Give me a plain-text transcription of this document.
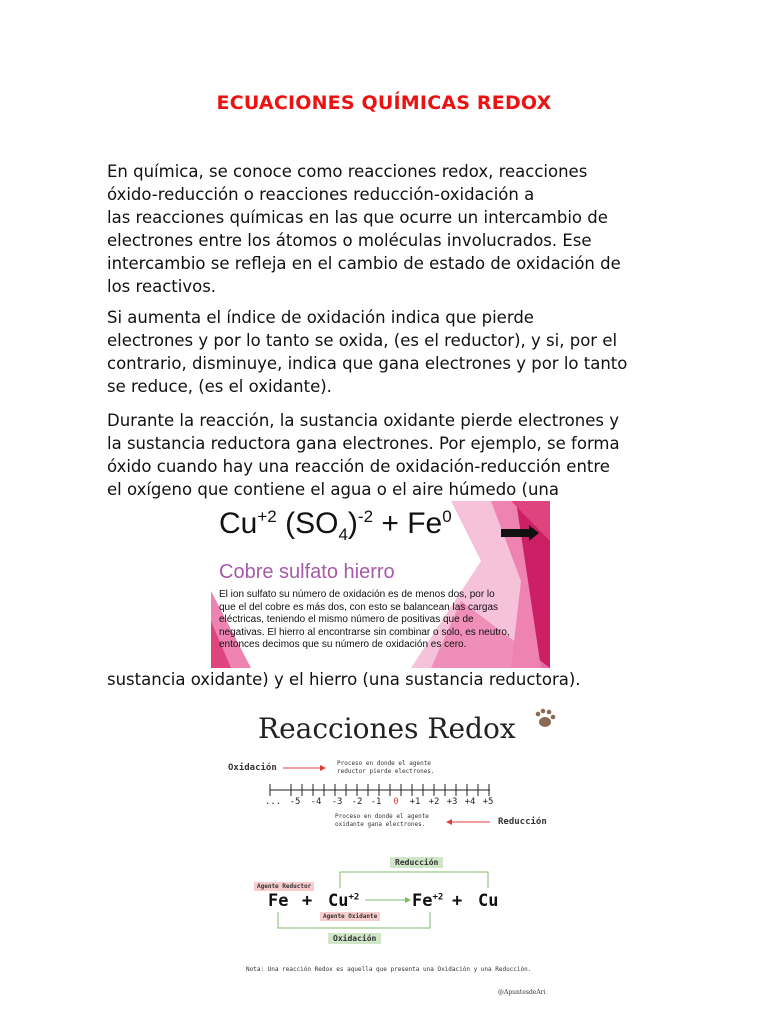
ECUACIONES QUÍMICAS REDOX
En química, se conoce como reacciones redox, reacciones
óxido-reducción o reacciones reducción-oxidación a
las reacciones químicas en las que ocurre un intercambio de
electrones entre los átomos o moléculas involucrados. Ese
intercambio se refleja en el cambio de estado de oxidación de
los reactivos.
Si aumenta el índice de oxidación indica que pierde
electrones y por lo tanto se oxida, (es el reductor), y si, por el
contrario, disminuye, indica que gana electrones y por lo tanto
se reduce, (es el oxidante).
Durante la reacción, la sustancia oxidante pierde electrones y
la sustancia reductora gana electrones. Por ejemplo, se forma
óxido cuando hay una reacción de oxidación-reducción entre
el oxígeno que contiene el agua o el aire húmedo (una
$Cu^{+2}$ $(SO_4)^{-2} + Fe^0$
Cobre sulfato hierro
El ion sulfato su número de oxidación es de menos dos, por lo
que el del cobre es más dos, con esto se balancean las cargas
eléctricas, teniendo el mismo número de positivas que de
negativas. El hierro al encontrarse sin combinar o solo, es neutro,
entonces decimos que su número de oxidación es cero.
sustancia oxidante) y el hierro (una sustancia reductora).
Reacciones Redox
Oxidación	Proceso en donde el agente
reductor pierde electrones.
... -5 -4 -3 -2 -1 0 +1 +2 +3 +4 +5
Proceso en donde el agente
oxidante gana electrones.	Reducción
Reducción
Agente Reductor
$Fe + Cu^{+2}$	$Fe^{+2} + Cu$
Agente Oxidante
Oxidación
Nota: Una reacción Redox es aquella que presenta una Oxidación y una Reducción.
@ApuntesdeAri
